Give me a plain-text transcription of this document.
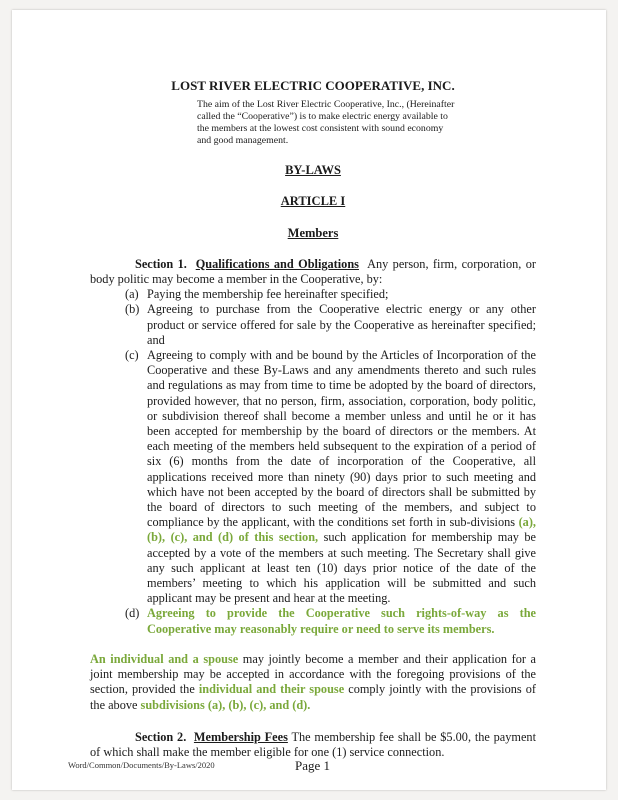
LOST RIVER ELECTRIC COOPERATIVE, INC.
The aim of the Lost River Electric Cooperative, Inc., (Hereinafter called the “Cooperative”) is to make electric energy available to the members at the lowest cost consistent with sound economy and good management.
BY-LAWS
ARTICLE I
Members

Section 1. Qualifications and Obligations Any person, firm, corporation, or body politic may become a member in the Cooperative, by:

(a) Paying the membership fee hereinafter specified;
(b) Agreeing to purchase from the Cooperative electric energy or any other product or service offered for sale by the Cooperative as hereinafter specified; and
(c) Agreeing to comply with and be bound by the Articles of Incorporation of the Cooperative and these By-Laws and any amendments thereto and such rules and regulations as may from time to time be adopted by the board of directors, provided however, that no person, firm, association, corporation, body politic, or subdivision thereof shall become a member unless and until he or it has been accepted for membership by the board of directors or the members. At each meeting of the members held subsequent to the expiration of a period of six (6) months from the date of incorporation of the Cooperative, all applications received more than ninety (90) days prior to such meeting and which have not been accepted by the board of directors shall be submitted by the board of directors to such meeting of the members, and subject to compliance by the applicant, with the conditions set forth in sub-divisions (a), (b), (c), and (d) of this section, such application for membership may be accepted by a vote of the members at such meeting. The Secretary shall give any such applicant at least ten (10) days prior notice of the date of the members’ meeting to which his application will be submitted and such applicant may be present and hear at the meeting.
(d) Agreeing to provide the Cooperative such rights-of-way as the Cooperative may reasonably require or need to serve its members.

An individual and a spouse may jointly become a member and their application for a joint membership may be accepted in accordance with the foregoing provisions of the section, provided the individual and their spouse comply jointly with the provisions of the above subdivisions (a), (b), (c), and (d).

Section 2. Membership Fees The membership fee shall be $5.00, the payment of which shall make the member eligible for one (1) service connection.

Word/Common/Documents/By-Laws/2020	Page 1
